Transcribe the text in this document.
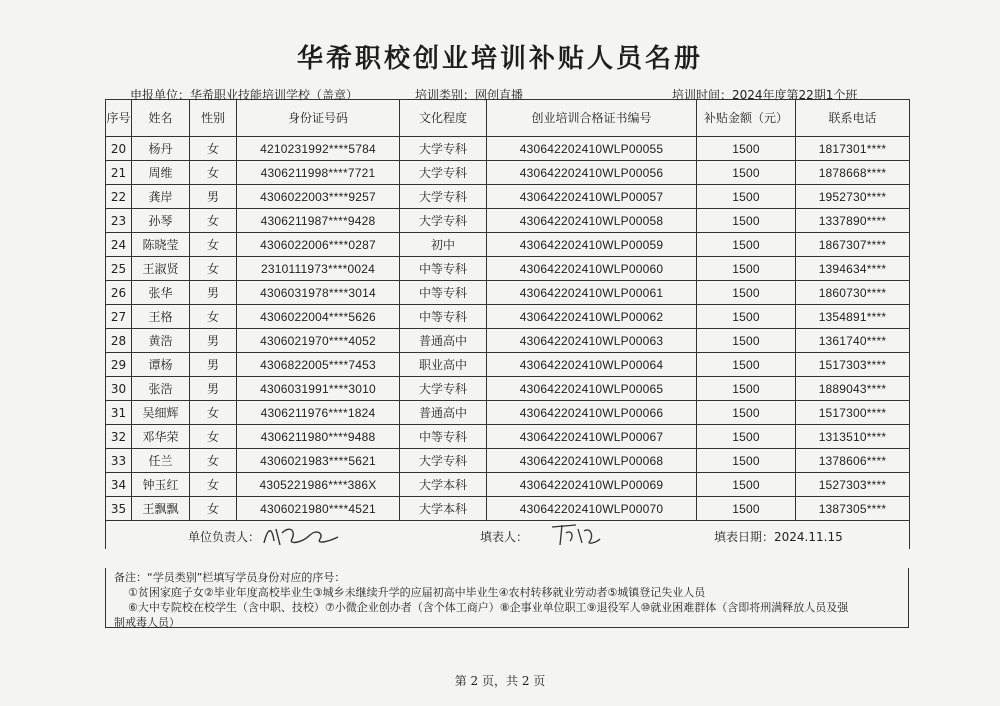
华希职校创业培训补贴人员名册
申报单位：华希职业技能培训学校（盖章）	培训类别：网创直播	培训时间：2024年度第22期1个班
序号	姓名	性别	身份证号码	文化程度	创业培训合格证书编号	补贴金额（元）	联系电话
20	杨丹	女	4210231992****5784	大学专科	430642202410WLP00055	1500	1817301****
21	周维	女	4306211998****7721	大学专科	430642202410WLP00056	1500	1878668****
22	龚岸	男	4306022003****9257	大学专科	430642202410WLP00057	1500	1952730****
23	孙琴	女	4306211987****9428	大学专科	430642202410WLP00058	1500	1337890****
24	陈晓莹	女	4306022006****0287	初中	430642202410WLP00059	1500	1867307****
25	王淑贤	女	2310111973****0024	中等专科	430642202410WLP00060	1500	1394634****
26	张华	男	4306031978****3014	中等专科	430642202410WLP00061	1500	1860730****
27	王格	女	4306022004****5626	中等专科	430642202410WLP00062	1500	1354891****
28	黄浩	男	4306021970****4052	普通高中	430642202410WLP00063	1500	1361740****
29	谭杨	男	4306822005****7453	职业高中	430642202410WLP00064	1500	1517303****
30	张浩	男	4306031991****3010	大学专科	430642202410WLP00065	1500	1889043****
31	吴细辉	女	4306211976****1824	普通高中	430642202410WLP00066	1500	1517300****
32	邓华荣	女	4306211980****9488	中等专科	430642202410WLP00067	1500	1313510****
33	任兰	女	4306021983****5621	大学专科	430642202410WLP00068	1500	1378606****
34	钟玉红	女	4305221986****386X	大学本科	430642202410WLP00069	1500	1527303****
35	王飘飘	女	4306021980****4521	大学本科	430642202410WLP00070	1500	1387305****

单位负责人： 填表人： 填表日期：2024.11.15							
备注：“学员类别”栏填写学员身份对应的序号：
①贫困家庭子女②毕业年度高校毕业生③城乡未继续升学的应届初高中毕业生④农村转移就业劳动者⑤城镇登记失业人员
⑥大中专院校在校学生（含中职、技校）⑦小微企业创办者（含个体工商户）⑧企事业单位职工⑨退役军人⑩就业困难群体（含即将刑满释放人员及强
制戒毒人员）
第 2 页，共 2 页
